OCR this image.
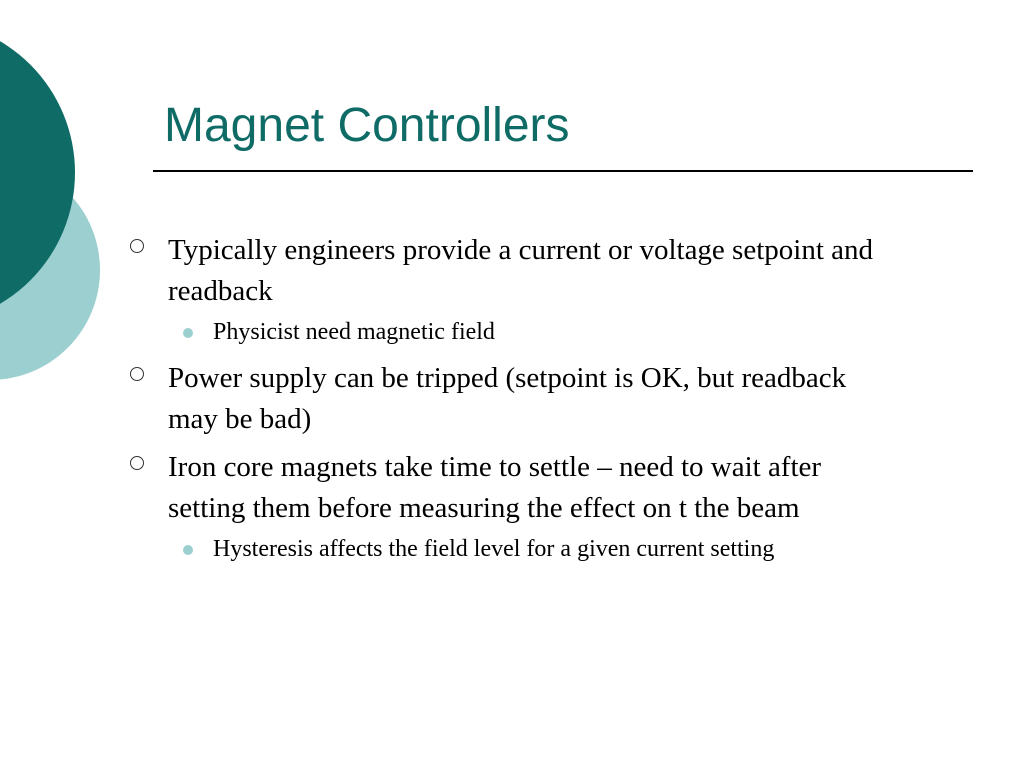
Magnet Controllers
Typically engineers provide a current or voltage setpoint and readback
Physicist need magnetic field
Power supply can be tripped (setpoint is OK, but readback may be bad)
Iron core magnets take time to settle – need to wait after setting them before measuring the effect on t the beam
Hysteresis affects the field level for a given current setting
